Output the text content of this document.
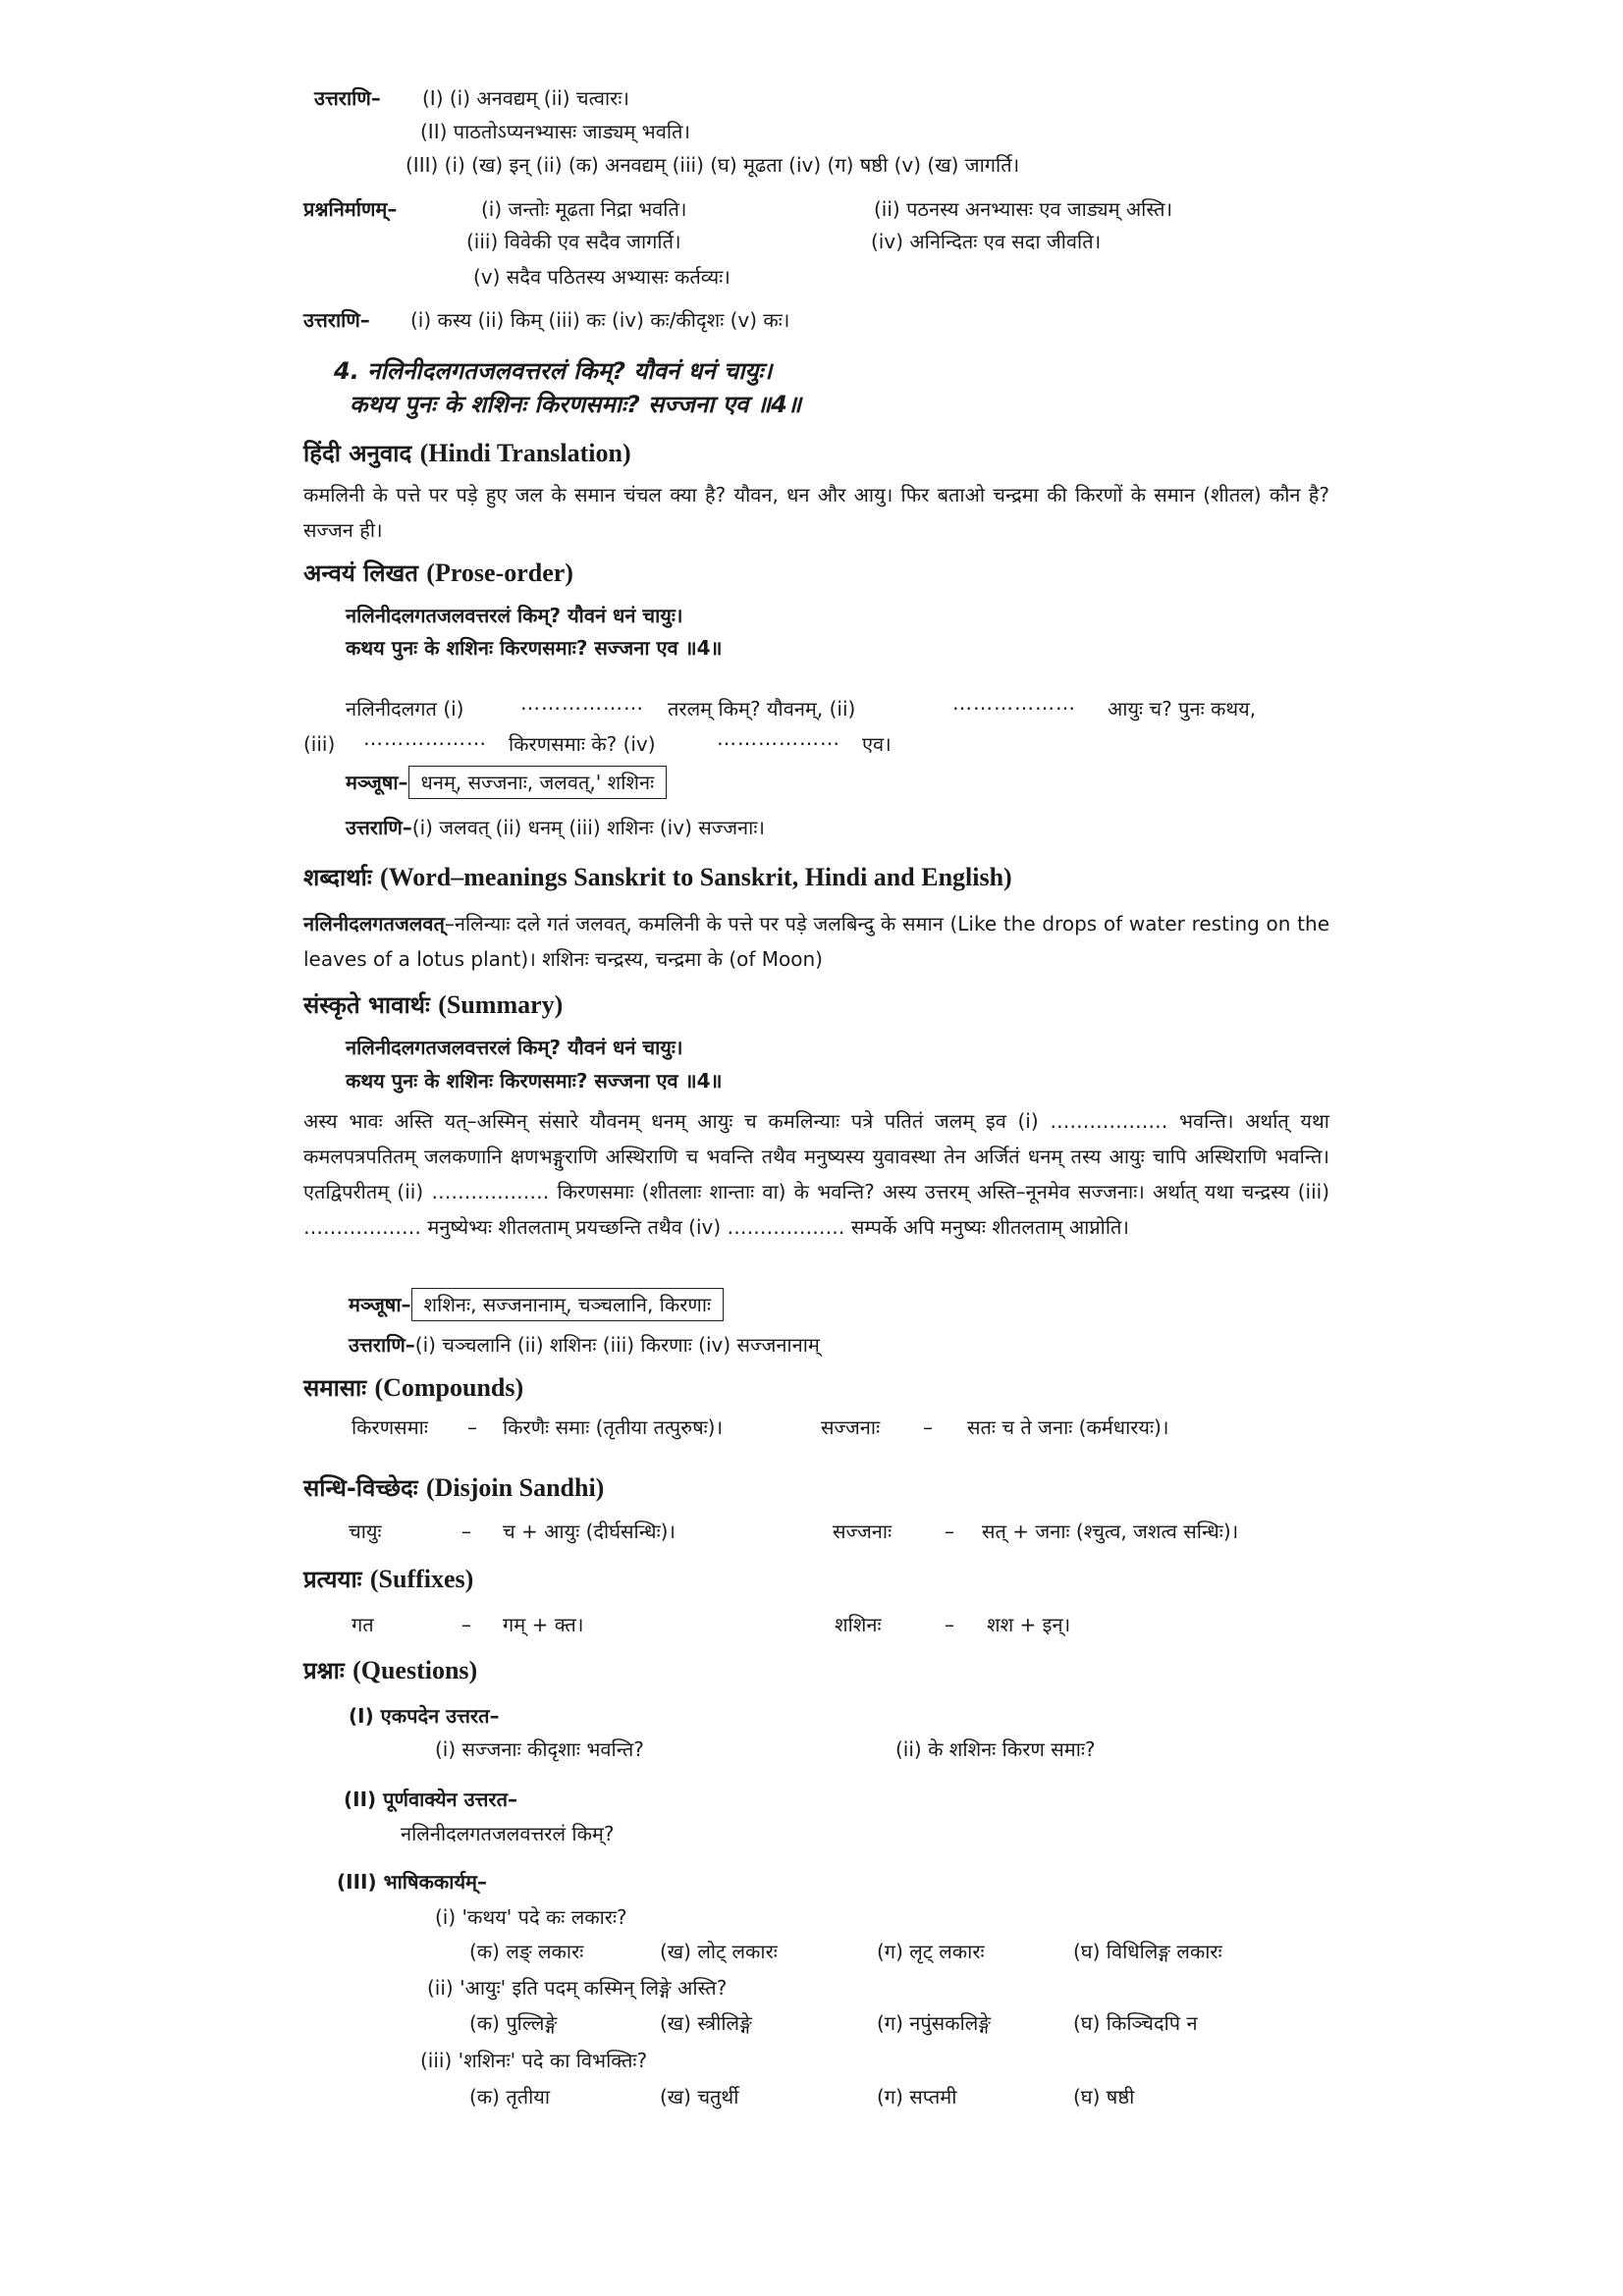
उत्तराणि– (I) (i) अनवद्यम् (ii) चत्वारः।
(II) पाठतोऽप्यनभ्यासः जाड्यम् भवति।
(III) (i) (ख) इन् (ii) (क) अनवद्यम् (iii) (घ) मूढता (iv) (ग) षष्ठी (v) (ख) जागर्ति।
प्रश्ननिर्माणम्–	(i) जन्तोः मूढता निद्रा भवति।	(ii) पठनस्य अनभ्यासः एव जाड्यम् अस्ति।
(iii) विवेकी एव सदैव जागर्ति।	(iv) अनिन्दितः एव सदा जीवति।
(v) सदैव पठितस्य अभ्यासः कर्तव्यः।
उत्तराणि– (i) कस्य (ii) किम् (iii) कः (iv) कः/कीदृशः (v) कः।
4. नलिनीदलगतजलवत्तरलं किम्? यौवनं धनं चायुः।
कथय पुनः के शशिनः किरणसमाः? सज्जना एव ॥4॥
हिंदी अनुवाद (Hindi Translation)
कमलिनी के पत्ते पर पड़े हुए जल के समान चंचल क्या है? यौवन, धन और आयु। फिर बताओ चन्द्रमा की किरणों के समान (शीतल) कौन है? सज्जन ही।
अन्वयं लिखत (Prose-order)
नलिनीदलगतजलवत्तरलं किम्? यौवनं धनं चायुः।
कथय पुनः के शशिनः किरणसमाः? सज्जना एव ॥4॥
नलिनीदलगत (i)	……………… तरलम् किम्? यौवनम्, (ii)	……………… आयुः च? पुनः कथय,
(iii) ……………… किरणसमाः के? (iv)	……………… एव।
मञ्जूषा– धनम्, सज्जनाः, जलवत्,' शशिनः
उत्तराणि–(i) जलवत् (ii) धनम् (iii) शशिनः (iv) सज्जनाः।
शब्दार्थाः (Word–meanings Sanskrit to Sanskrit, Hindi and English)
नलिनीदलगतजलवत्–नलिन्याः दले गतं जलवत्, कमलिनी के पत्ते पर पड़े जलबिन्दु के समान (Like the drops of water resting on the leaves of a lotus plant)। शशिनः चन्द्रस्य, चन्द्रमा के (of Moon)
संस्कृते भावार्थः (Summary)
नलिनीदलगतजलवत्तरलं किम्? यौवनं धनं चायुः।
कथय पुनः के शशिनः किरणसमाः? सज्जना एव ॥4॥
अस्य भावः अस्ति यत्–अस्मिन् संसारे यौवनम् धनम् आयुः च कमलिन्याः पत्रे पतितं जलम् इव (i) ……………… भवन्ति। अर्थात् यथा कमलपत्रपतितम् जलकणानि क्षणभङ्गुराणि अस्थिराणि च भवन्ति तथैव मनुष्यस्य युवावस्था तेन अर्जितं धनम् तस्य आयुः चापि अस्थिराणि भवन्ति। एतद्विपरीतम् (ii) ……………… किरणसमाः (शीतलाः शान्ताः वा) के भवन्ति? अस्य उत्तरम् अस्ति–नूनमेव सज्जनाः। अर्थात् यथा चन्द्रस्य (iii) ……………… मनुष्येभ्यः शीतलताम् प्रयच्छन्ति तथैव (iv) ……………… सम्पर्के अपि मनुष्यः शीतलताम् आप्नोति।
मञ्जूषा– शशिनः, सज्जनानाम्, चञ्चलानि, किरणाः
उत्तराणि–(i) चञ्चलानि (ii) शशिनः (iii) किरणाः (iv) सज्जनानाम्
समासाः (Compounds)
किरणसमाः – किरणैः समाः (तृतीया तत्पुरुषः)।	सज्जनाः – सतः च ते जनाः (कर्मधारयः)।
सन्धि-विच्छेदः (Disjoin Sandhi)
चायुः	– च + आयुः (दीर्घसन्धिः)।	सज्जनाः	– सत् + जनाः (श्चुत्व, जशत्व सन्धिः)।
प्रत्ययाः (Suffixes)
गत	– गम् + क्त।	शशिनः	– शश + इन्।
प्रश्नाः (Questions)
(I) एकपदेन उत्तरत–
(i) सज्जनाः कीदृशाः भवन्ति?	(ii) के शशिनः किरण समाः?
(II) पूर्णवाक्येन उत्तरत–
नलिनीदलगतजलवत्तरलं किम्?
(III) भाषिककार्यम्–
(i) 'कथय' पदे कः लकारः?
(क) लङ् लकारः	(ख) लोट् लकारः	(ग) लृट् लकारः	(घ) विधिलिङ्ग लकारः
(ii) 'आयुः' इति पदम् कस्मिन् लिङ्गे अस्ति?
(क) पुल्लिङ्गे	(ख) स्त्रीलिङ्गे	(ग) नपुंसकलिङ्गे	(घ) किञ्चिदपि न
(iii) 'शशिनः' पदे का विभक्तिः?
(क) तृतीया	(ख) चतुर्थी	(ग) सप्तमी	(घ) षष्ठी
